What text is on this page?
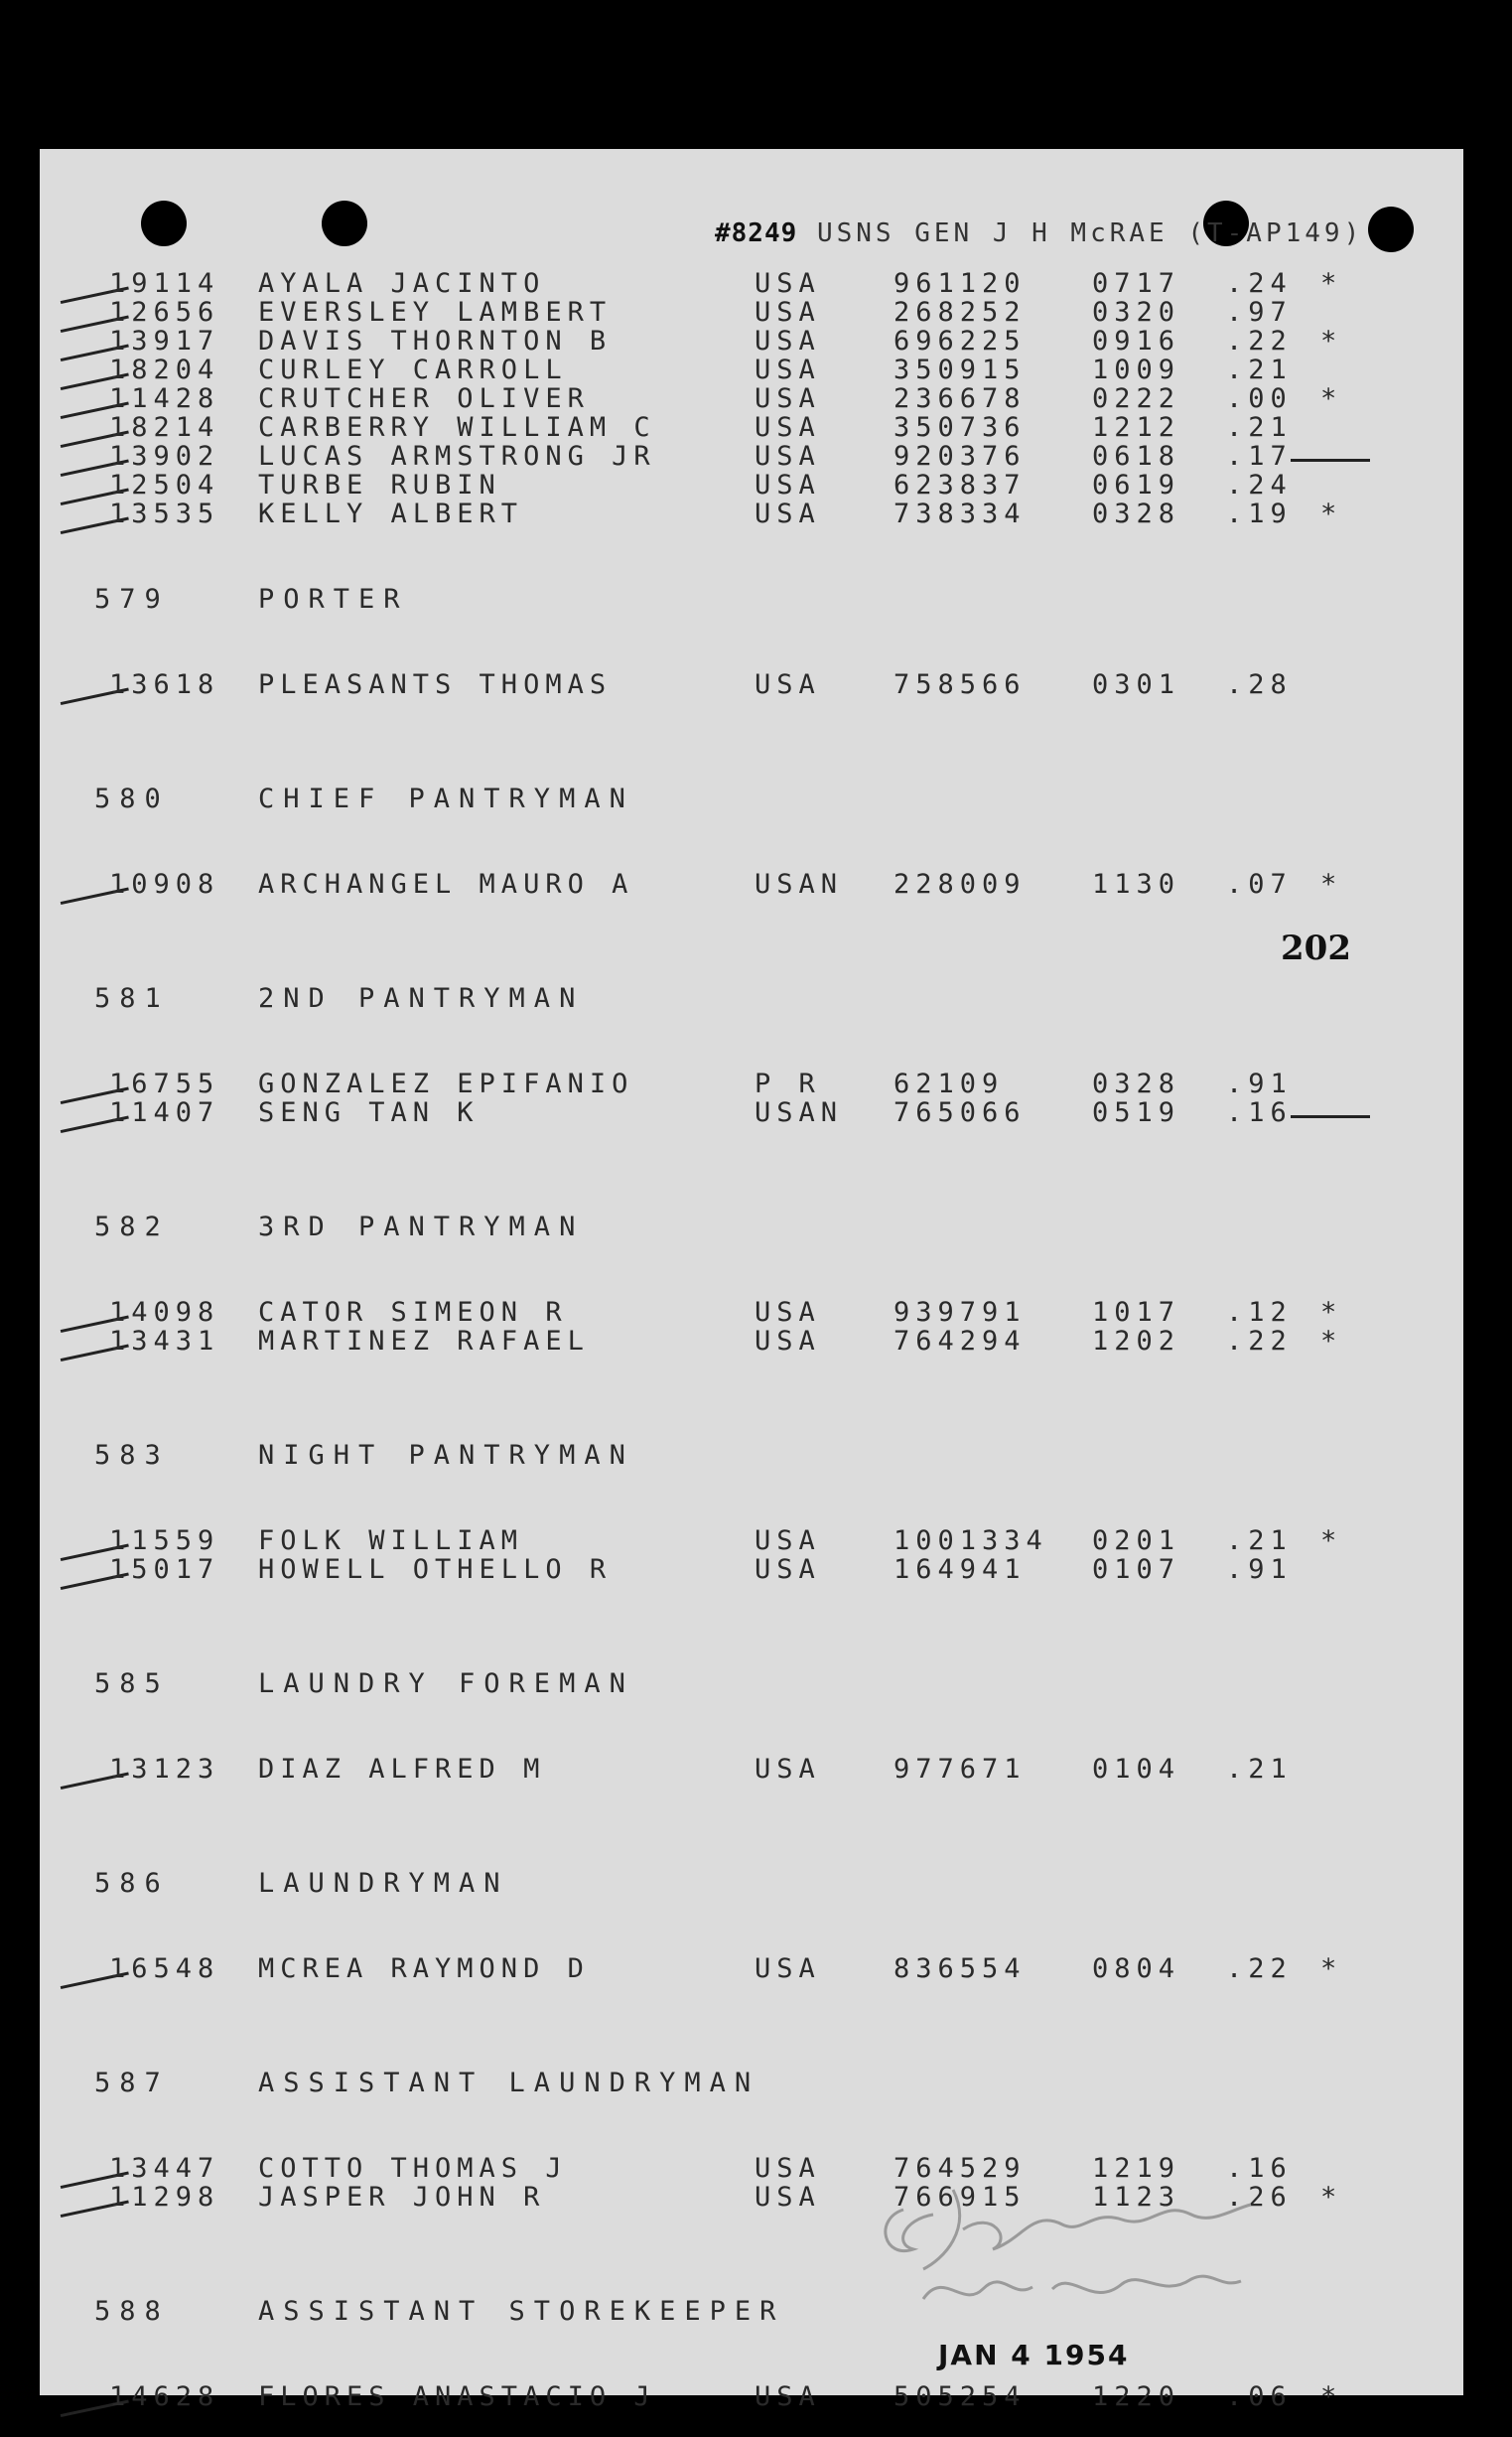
#8249 USNS GEN J H McRAE (T-AP149)
19114 AYALA JACINTO	USA	961120 0717 .24 *
12656 EVERSLEY LAMBERT	USA	268252 0320 .97
13917 DAVIS THORNTON B	USA	696225 0916 .22 *
18204 CURLEY CARROLL	USA	350915 1009 .21
11428 CRUTCHER OLIVER	USA	236678 0222 .00 *
18214 CARBERRY WILLIAM C	USA	350736 1212 .21
13902 LUCAS ARMSTRONG JR	USA	920376 0618 .17
12504 TURBE RUBIN	USA	623837 0619 .24
13535 KELLY ALBERT	USA	738334 0328 .19 *
579	PORTER
13618 PLEASANTS THOMAS	USA	758566 0301 .28
580	CHIEF PANTRYMAN
10908 ARCHANGEL MAURO A	USAN 228009 1130 .07 *
581	2ND PANTRYMAN
16755 GONZALEZ EPIFANIO	P R	62109	0328 .91
11407 SENG TAN K	USAN 765066 0519 .16
582	3RD PANTRYMAN
14098 CATOR SIMEON R	USA	939791 1017 .12 *
13431 MARTINEZ RAFAEL	USA	764294 1202 .22 *
583	NIGHT PANTRYMAN
11559 FOLK WILLIAM	USA	1001334 0201 .21 *
15017 HOWELL OTHELLO R	USA	164941 0107 .91
585	LAUNDRY FOREMAN
13123 DIAZ ALFRED M	USA	977671 0104 .21
586	LAUNDRYMAN
16548 MCREA RAYMOND D	USA	836554 0804 .22 *
587	ASSISTANT LAUNDRYMAN
13447 COTTO THOMAS J	USA	764529 1219 .16
11298 JASPER JOHN R	USA	766915 1123 .26 *
588	ASSISTANT STOREKEEPER
14628 FLORES ANASTACIO J	USA	505254 1220 .06 *
202
JAN 4 1954
